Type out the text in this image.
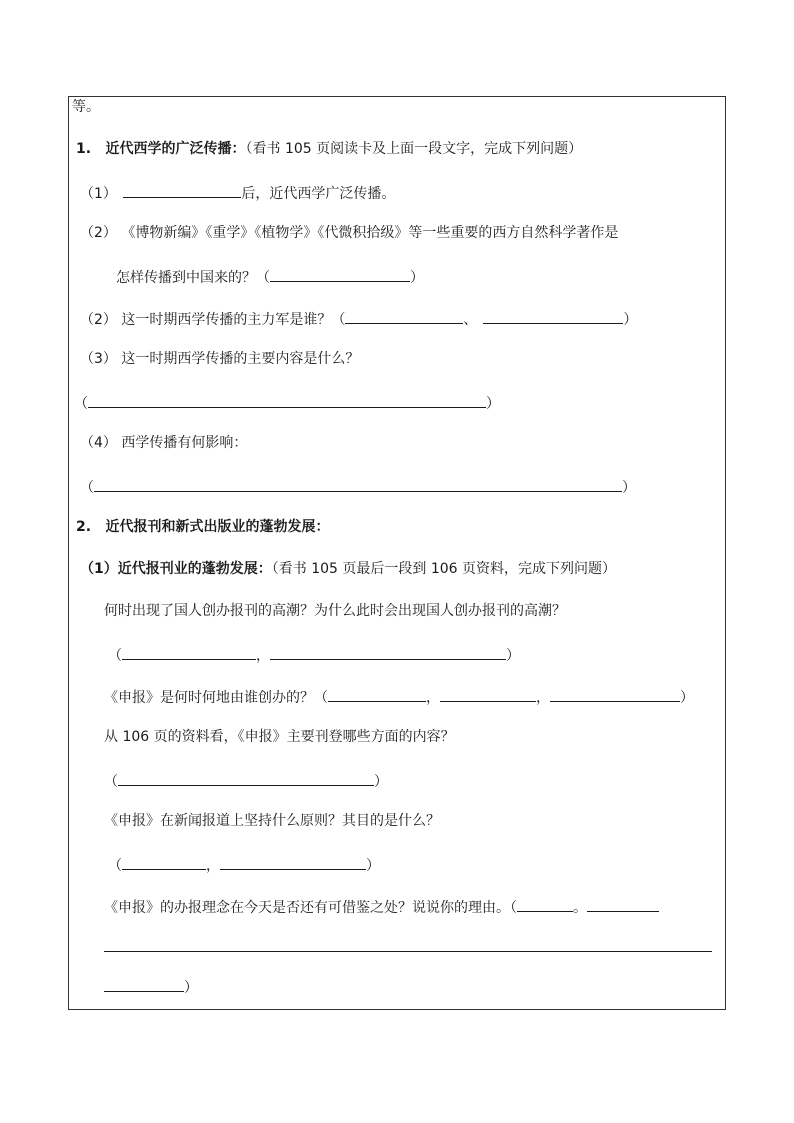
等。
1. 近代西学的广泛传播：（看书 105 页阅读卡及上面一段文字，完成下列问题）
（1）	后，近代西学广泛传播。
（2） 《博物新编》《重学》《植物学》《代微积拾级》等一些重要的西方自然科学著作是
怎样传播到中国来的？（	）
（2） 这一时期西学传播的主力军是谁？（	、	）
（3） 这一时期西学传播的主要内容是什么？
（	）
（4） 西学传播有何影响：
（	）
2. 近代报刊和新式出版业的蓬勃发展：
（1）近代报刊业的蓬勃发展：（看书 105 页最后一段到 106 页资料，完成下列问题）
何时出现了国人创办报刊的高潮？为什么此时会出现国人创办报刊的高潮？
（	，	）
《申报》是何时何地由谁创办的？（	，	，	）
从 106 页的资料看，《申报》主要刊登哪些方面的内容？
（	）
《申报》在新闻报道上坚持什么原则？其目的是什么？
（	，	）
《申报》的办报理念在今天是否还有可借鉴之处？说说你的理由。（	。
）
